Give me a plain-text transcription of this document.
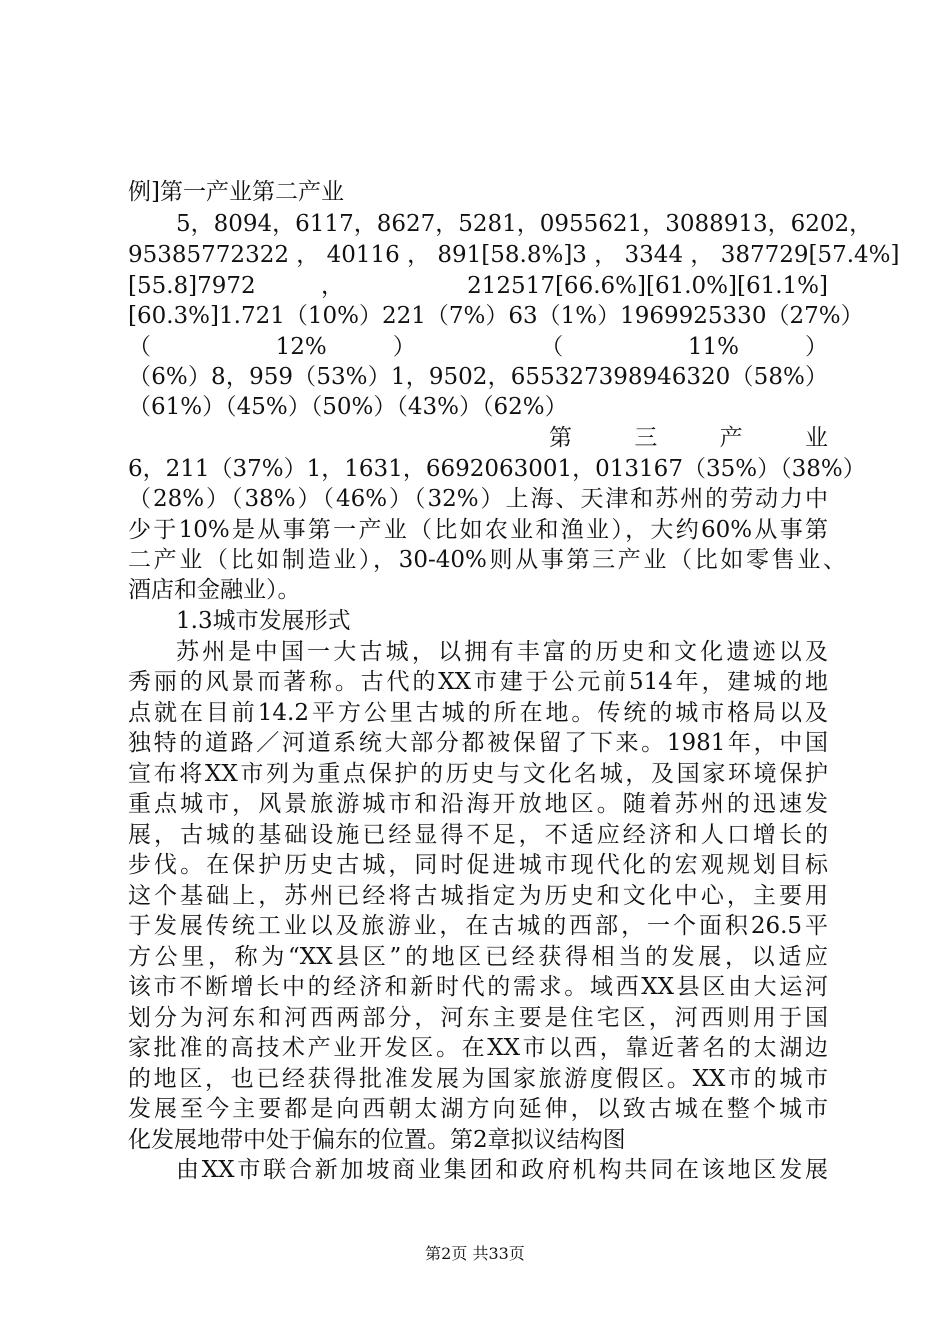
例]第一产业第二产业
5，8094，6117，8627，5281，0955621，3088913，6202，
95385772322 ， 40116 ， 891[58.8%]3 ， 3344 ， 387729[57.4%]
[55.8]7972 ， 212517[66.6%][61.0%][61.1%]
[60.3%]1.721（10%）221（7%）63（1%）1969925330（27%）
（ 12% ） （ 11% ）
（6%）8，959（53%）1，9502，655327398946320（58%）
（61%）（45%）（50%）（43%）（62%）
第 三 产 业
6，211（37%）1，1631，6692063001，013167（35%）（38%）
（28%）（38%）（46%）（32%）上海、天津和苏州的劳动力中
少于10%是从事第一产业（比如农业和渔业），大约60%从事第
二产业（比如制造业），30-40%则从事第三产业（比如零售业、
酒店和金融业）。
1.3城市发展形式
苏州是中国一大古城，以拥有丰富的历史和文化遗迹以及
秀丽的风景而著称。古代的XX市建于公元前514年，建城的地
点就在目前14.2平方公里古城的所在地。传统的城市格局以及
独特的道路／河道系统大部分都被保留了下来。1981年，中国
宣布将XX市列为重点保护的历史与文化名城，及国家环境保护
重点城市，风景旅游城市和沿海开放地区。随着苏州的迅速发
展，古城的基础设施已经显得不足，不适应经济和人口增长的
步伐。在保护历史古城，同时促进城市现代化的宏观规划目标
这个基础上，苏州已经将古城指定为历史和文化中心，主要用
于发展传统工业以及旅游业，在古城的西部，一个面积26.5平
方公里，称为“XX县区”的地区已经获得相当的发展，以适应
该市不断增长中的经济和新时代的需求。域西XX县区由大运河
划分为河东和河西两部分，河东主要是住宅区，河西则用于国
家批准的高技术产业开发区。在XX市以西，靠近著名的太湖边
的地区，也已经获得批准发展为国家旅游度假区。XX市的城市
发展至今主要都是向西朝太湖方向延伸，以致古城在整个城市
化发展地带中处于偏东的位置。第2章拟议结构图
由XX市联合新加坡商业集团和政府机构共同在该地区发展
第2页 共33页
